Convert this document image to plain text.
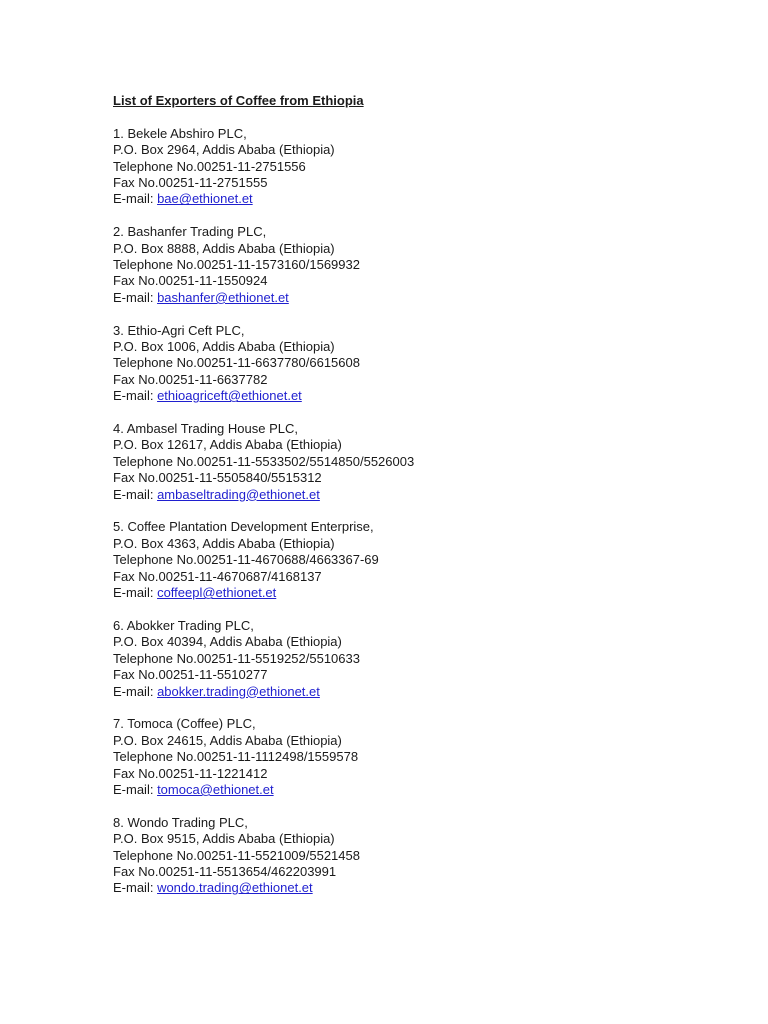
List of Exporters of Coffee from Ethiopia
1. Bekele Abshiro PLC,
P.O. Box 2964, Addis Ababa (Ethiopia)
Telephone No.00251-11-2751556
Fax No.00251-11-2751555
E-mail: bae@ethionet.et
2. Bashanfer Trading PLC,
P.O. Box 8888, Addis Ababa (Ethiopia)
Telephone No.00251-11-1573160/1569932
Fax No.00251-11-1550924
E-mail: bashanfer@ethionet.et
3. Ethio-Agri Ceft PLC,
P.O. Box 1006, Addis Ababa (Ethiopia)
Telephone No.00251-11-6637780/6615608
Fax No.00251-11-6637782
E-mail: ethioagriceft@ethionet.et
4. Ambasel Trading House PLC,
P.O. Box 12617, Addis Ababa (Ethiopia)
Telephone No.00251-11-5533502/5514850/5526003
Fax No.00251-11-5505840/5515312
E-mail: ambaseltrading@ethionet.et
5. Coffee Plantation Development Enterprise,
P.O. Box 4363, Addis Ababa (Ethiopia)
Telephone No.00251-11-4670688/4663367-69
Fax No.00251-11-4670687/4168137
E-mail: coffeepl@ethionet.et
6. Abokker Trading PLC,
P.O. Box 40394, Addis Ababa (Ethiopia)
Telephone No.00251-11-5519252/5510633
Fax No.00251-11-5510277
E-mail: abokker.trading@ethionet.et
7. Tomoca (Coffee) PLC,
P.O. Box 24615, Addis Ababa (Ethiopia)
Telephone No.00251-11-1112498/1559578
Fax No.00251-11-1221412
E-mail: tomoca@ethionet.et
8. Wondo Trading PLC,
P.O. Box 9515, Addis Ababa (Ethiopia)
Telephone No.00251-11-5521009/5521458
Fax No.00251-11-5513654/462203991
E-mail: wondo.trading@ethionet.et
